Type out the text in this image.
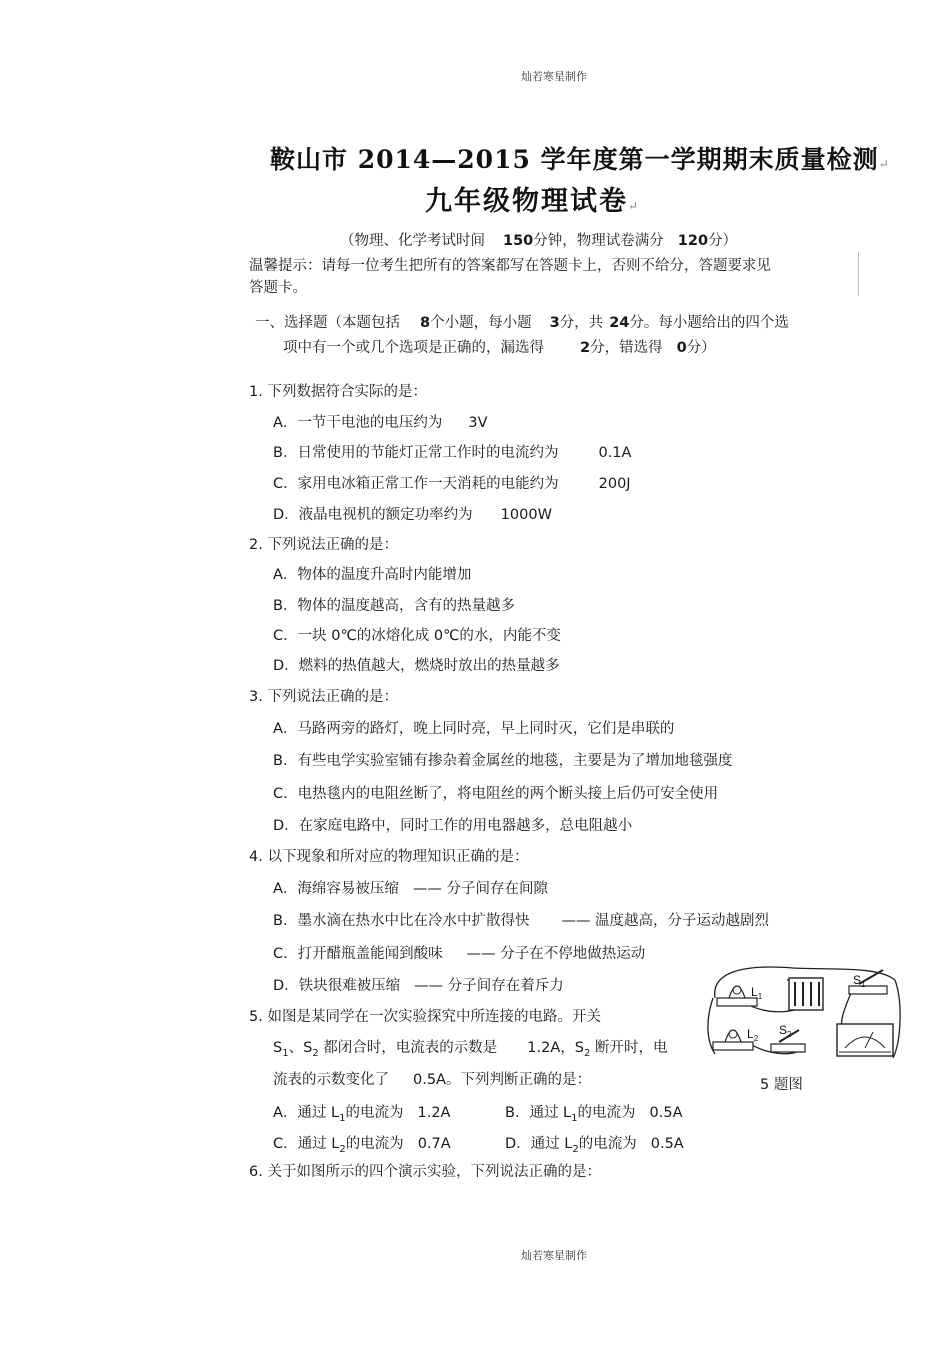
灿若寒星制作
鞍山市 2014—2015 学年度第一学期期末质量检测↵
九年级物理试卷↵
（物理、化学考试时间 150分钟，物理试卷满分 120分）
温馨提示：请每一位考生把所有的答案都写在答题卡上，否则不给分，答题要求见
答题卡。
一、选择题（本题包括 8个小题，每小题 3分，共 24分。每小题给出的四个选
项中有一个或几个选项是正确的，漏选得 2分，错选得 0分）
1. 下列数据符合实际的是：
A．一节干电池的电压约为 3V
B．日常使用的节能灯正常工作时的电流约为	0.1A
C．家用电冰箱正常工作一天消耗的电能约为	200J
D．液晶电视机的额定功率约为 1000W
2. 下列说法正确的是：
A．物体的温度升高时内能增加
B．物体的温度越高，含有的热量越多
C．一块 0℃的冰熔化成 0℃的水，内能不变
D．燃料的热值越大，燃烧时放出的热量越多
3. 下列说法正确的是：
A．马路两旁的路灯，晚上同时亮，早上同时灭，它们是串联的
B．有些电学实验室铺有掺杂着金属丝的地毯，主要是为了增加地毯强度
C．电热毯内的电阻丝断了，将电阻丝的两个断头接上后仍可安全使用
D．在家庭电路中，同时工作的用电器越多，总电阻越小
4. 以下现象和所对应的物理知识正确的是：
A．海绵容易被压缩 —— 分子间存在间隙
B．墨水滴在热水中比在冷水中扩散得快 —— 温度越高，分子运动越剧烈
C．打开醋瓶盖能闻到酸味 —— 分子在不停地做热运动
D．铁块很难被压缩 —— 分子间存在着斥力
5. 如图是某同学在一次实验探究中所连接的电路。开关
$S_1$、$S_2$ 都闭合时，电流表的示数是 1.2A，$S_2$ 断开时，电
流表的示数变化了 0.5A。下列判断正确的是：
A．通过 $L_1$的电流为 1.2A	B．通过 $L_1$的电流为 0.5A
C．通过 $L_2$的电流为 0.7A	D．通过 $L_2$的电流为 0.5A
$S_1$
$L_1$
$L_2$
$S_2$
5 题图
6. 关于如图所示的四个演示实验，下列说法正确的是：
灿若寒星制作
